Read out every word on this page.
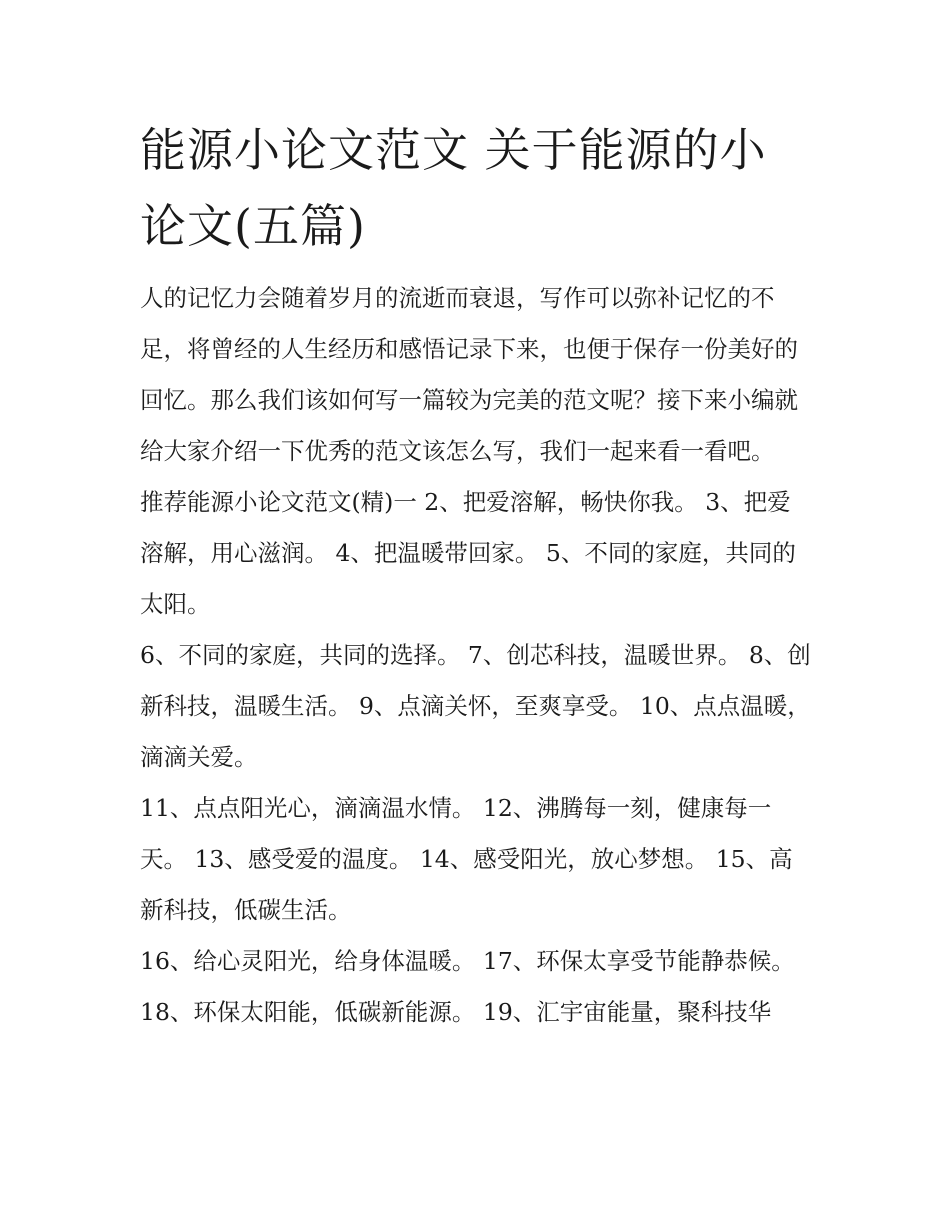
能源小论文范文 关于能源的小论文(五篇)

人的记忆力会随着岁月的流逝而衰退，写作可以弥补记忆的不足，将曾经的人生经历和感悟记录下来，也便于保存一份美好的回忆。那么我们该如何写一篇较为完美的范文呢？接下来小编就给大家介绍一下优秀的范文该怎么写，我们一起来看一看吧。

推荐能源小论文范文(精)一 2、把爱溶解，畅快你我。 3、把爱溶解，用心滋润。 4、把温暖带回家。 5、不同的家庭，共同的太阳。

6、不同的家庭，共同的选择。 7、创芯科技，温暖世界。 8、创新科技，温暖生活。 9、点滴关怀，至爽享受。 10、点点温暖，滴滴关爱。

11、点点阳光心，滴滴温水情。 12、沸腾每一刻，健康每一天。 13、感受爱的温度。 14、感受阳光，放心梦想。 15、高新科技，低碳生活。

16、给心灵阳光，给身体温暖。 17、环保太享受节能静恭候。 18、环保太阳能，低碳新能源。 19、汇宇宙能量，聚科技华
